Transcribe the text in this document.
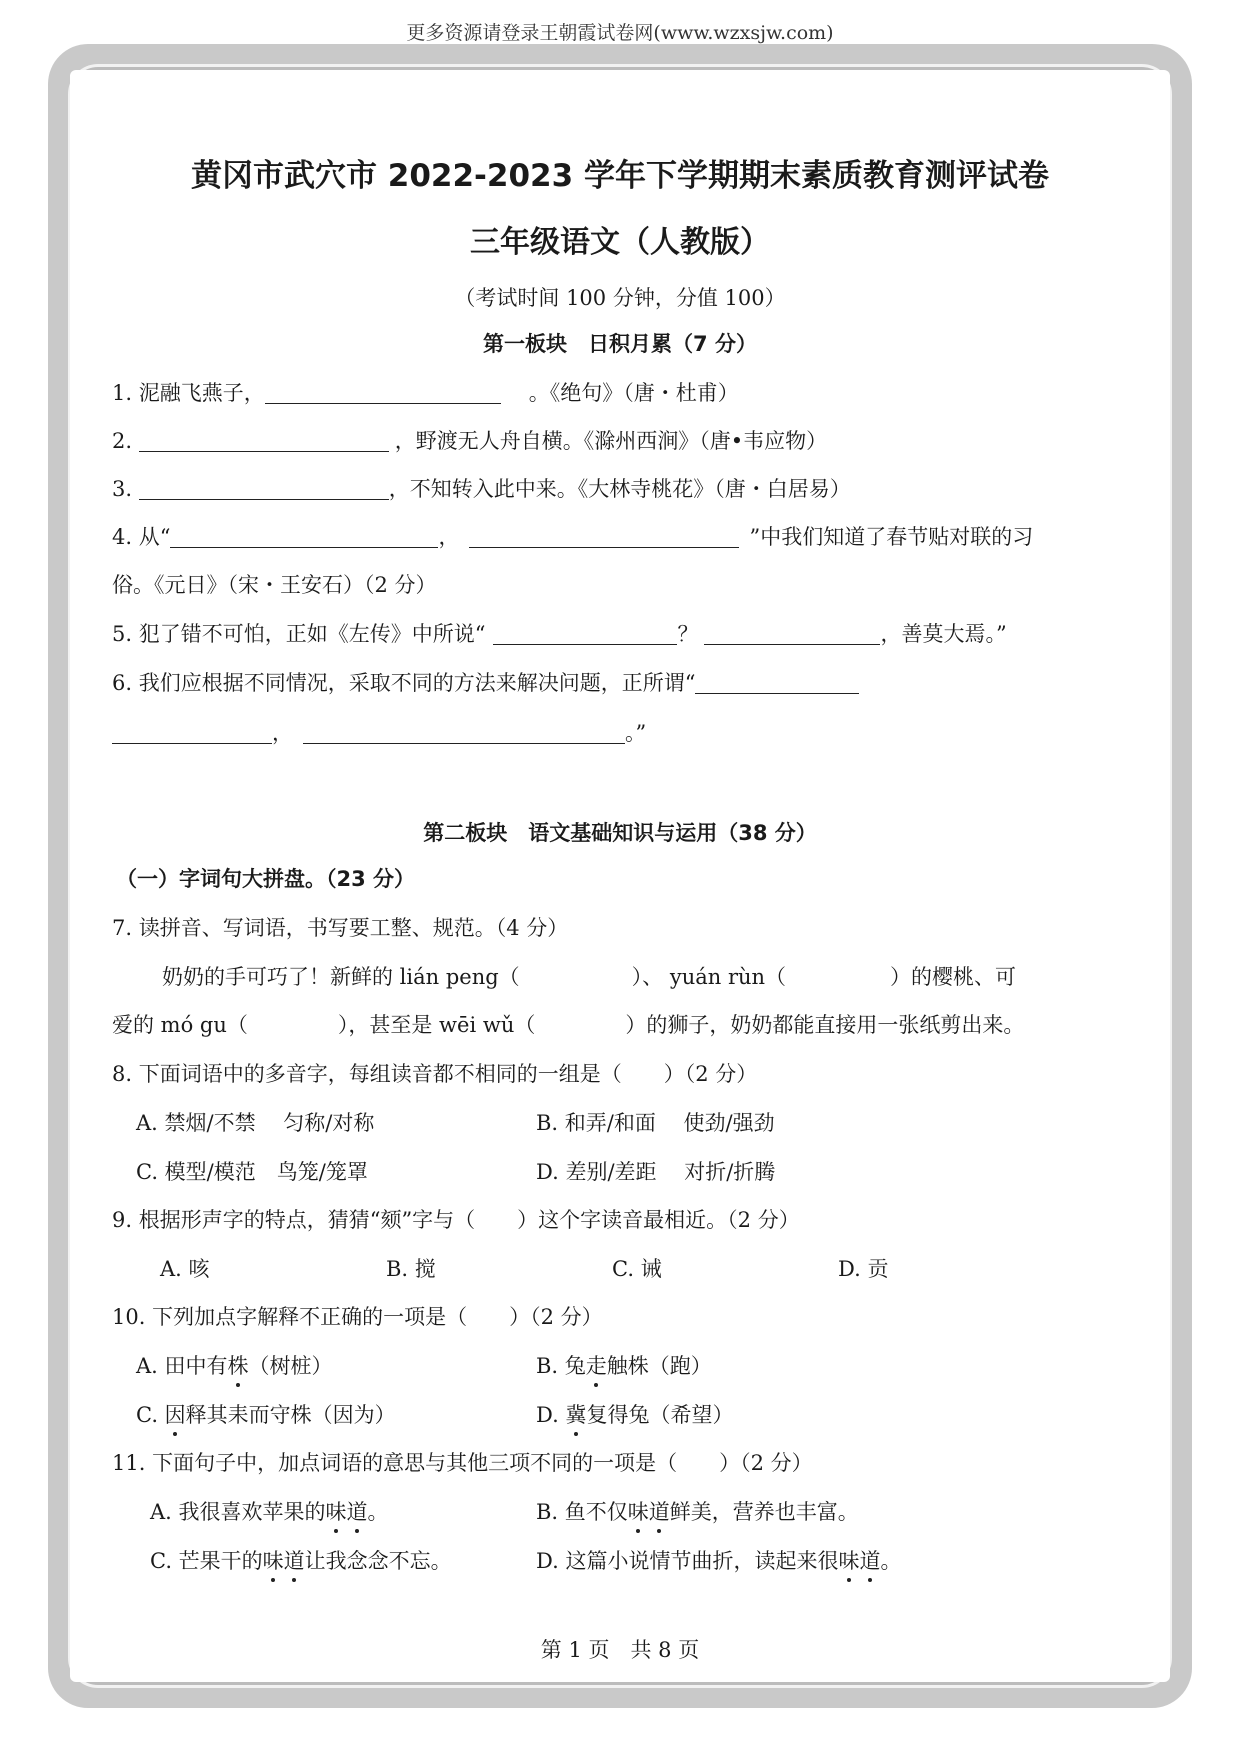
更多资源请登录王朝霞试卷网(www.wzxsjw.com)
黄冈市武穴市 2022-2023 学年下学期期末素质教育测评试卷
三年级语文（人教版）
（考试时间 100 分钟，分值 100）
第一板块　日积月累（7 分）
1. 泥融飞燕子，	。《绝句》（唐・杜甫）
2.	，野渡无人舟自横。《滁州西涧》（唐•韦应物）
3.	，不知转入此中来。《大林寺桃花》（唐・白居易）
4. 从“	，	”中我们知道了春节贴对联的习
俗。《元日》（宋・王安石）（2 分）
5. 犯了错不可怕，正如《左传》中所说“	？	，善莫大焉。”
6. 我们应根据不同情况，采取不同的方法来解决问题，正所谓“
，	。”
第二板块　语文基础知识与运用（38 分）
（一）字词句大拼盘。（23 分）
7. 读拼音、写词语，书写要工整、规范。（4 分）
奶奶的手可巧了！新鲜的 lián peng（	）、 yuán rùn（	）的樱桃、可
爱的 mó gu（	），甚至是 wēi wǔ（	）的狮子，奶奶都能直接用一张纸剪出来。
8. 下面词语中的多音字，每组读音都不相同的一组是（　　）（2 分）
A. 禁烟/不禁　 匀称/对称	B. 和弄/和面　 使劲/强劲
C. 模型/模范　鸟笼/笼罩	D. 差别/差距　 对折/折腾
9. 根据形声字的特点，猜猜“颏”字与（　　）这个字读音最相近。（2 分）
A. 咳	B. 搅	C. 诫	D. 贡
10. 下列加点字解释不正确的一项是（　　）（2 分）
A. 田中有株（树桩）	B. 兔走触株（跑）
C. 因释其耒而守株（因为）	D. 冀复得兔（希望）
11. 下面句子中，加点词语的意思与其他三项不同的一项是（　　）（2 分）
A. 我很喜欢苹果的味道。	B. 鱼不仅味道鲜美，营养也丰富。
C. 芒果干的味道让我念念不忘。	D. 这篇小说情节曲折，读起来很味道。
第 1 页　共 8 页
